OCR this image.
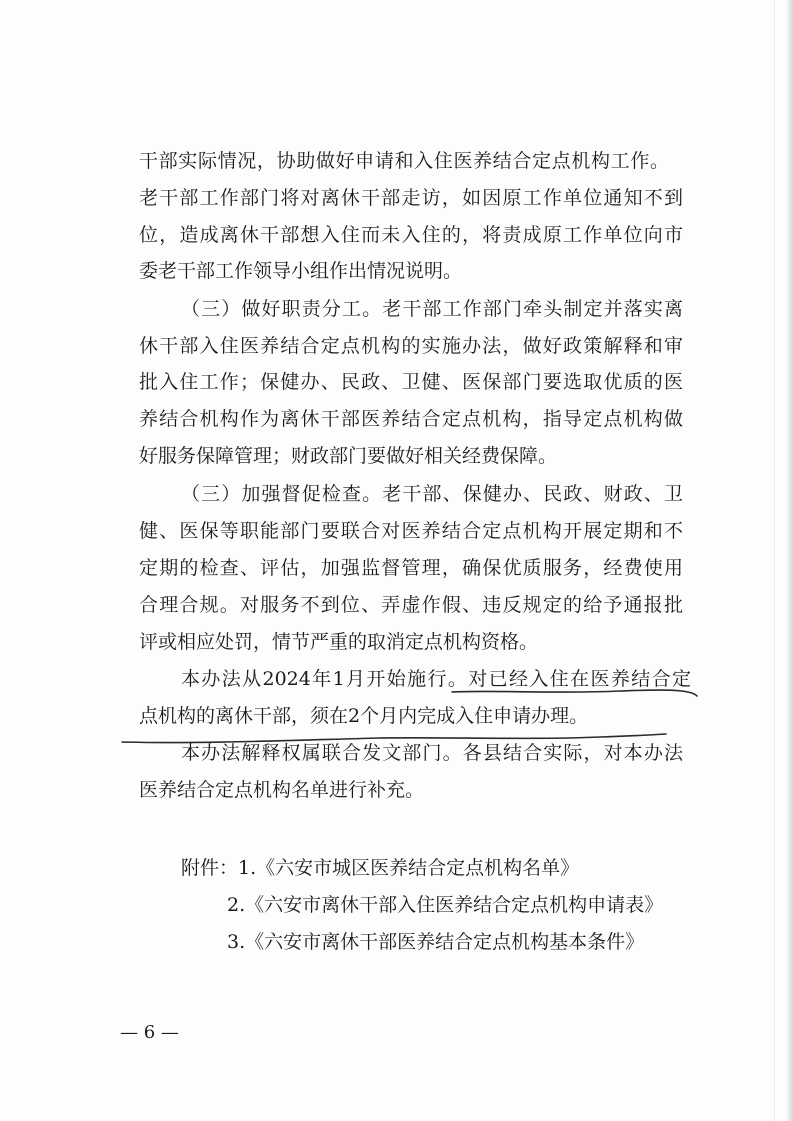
干部实际情况，协助做好申请和入住医养结合定点机构工作。
老干部工作部门将对离休干部走访，如因原工作单位通知不到
位，造成离休干部想入住而未入住的，将责成原工作单位向市
委老干部工作领导小组作出情况说明。
（三）做好职责分工。老干部工作部门牵头制定并落实离
休干部入住医养结合定点机构的实施办法，做好政策解释和审
批入住工作；保健办、民政、卫健、医保部门要选取优质的医
养结合机构作为离休干部医养结合定点机构，指导定点机构做
好服务保障管理；财政部门要做好相关经费保障。
（三）加强督促检查。老干部、保健办、民政、财政、卫
健、医保等职能部门要联合对医养结合定点机构开展定期和不
定期的检查、评估，加强监督管理，确保优质服务，经费使用
合理合规。对服务不到位、弄虚作假、违反规定的给予通报批
评或相应处罚，情节严重的取消定点机构资格。
本办法从2024年1月开始施行。对已经入住在医养结合定
点机构的离休干部，须在2个月内完成入住申请办理。
本办法解释权属联合发文部门。各县结合实际，对本办法
医养结合定点机构名单进行补充。
附件：1.《六安市城区医养结合定点机构名单》
2.《六安市离休干部入住医养结合定点机构申请表》
3.《六安市离休干部医养结合定点机构基本条件》
— 6 —
